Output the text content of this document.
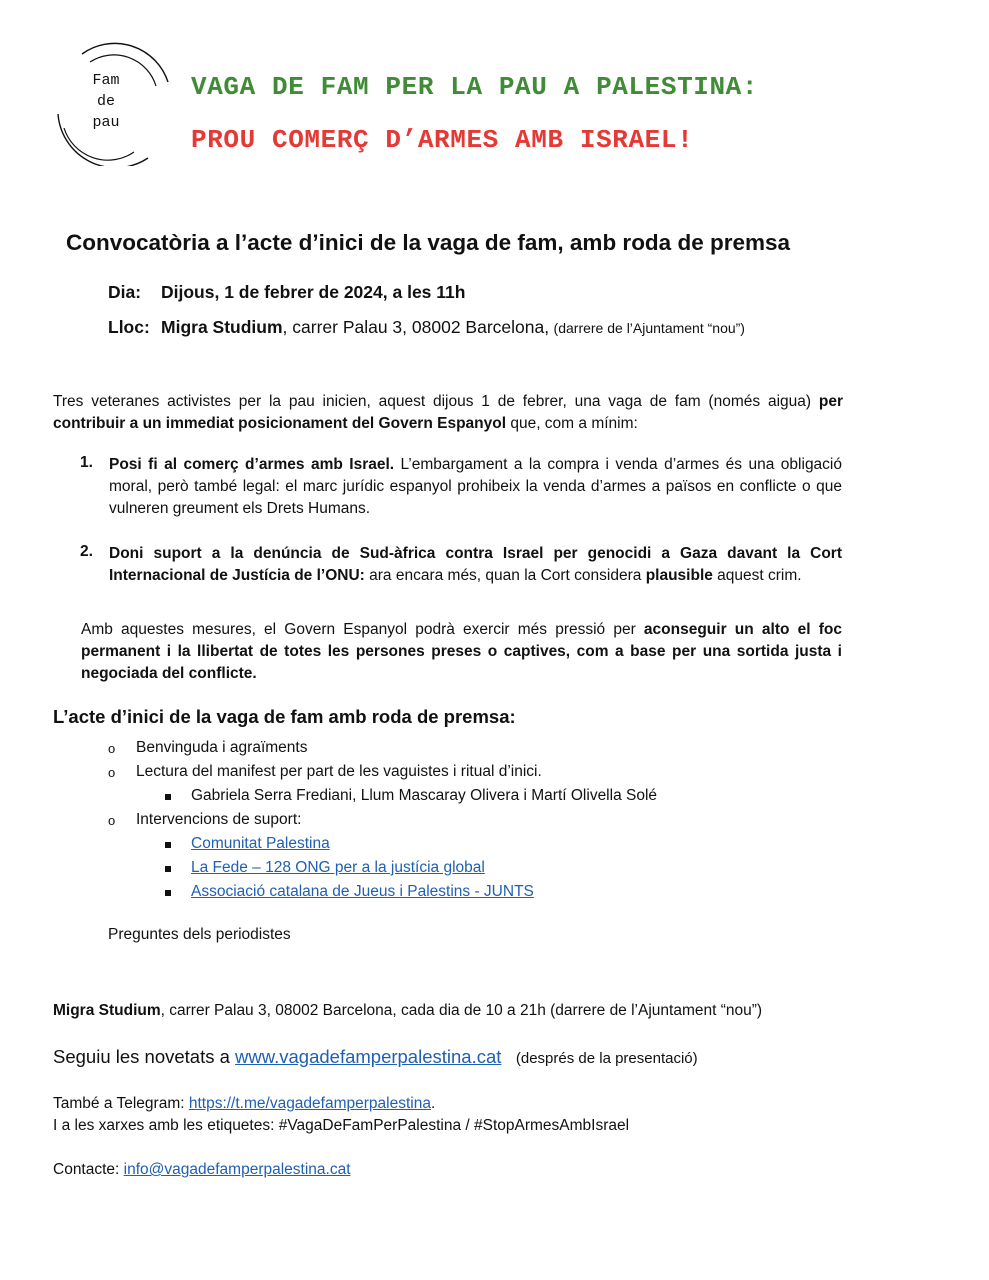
Fam
de
pau
VAGA DE FAM PER LA PAU A PALESTINA:
PROU COMERÇ D’ARMES AMB ISRAEL!
Convocatòria a l’acte d’inici de la vaga de fam, amb roda de premsa
Dia: Dijous, 1 de febrer de 2024, a les 11h
Lloc: Migra Studium, carrer Palau 3, 08002 Barcelona, (darrere de l’Ajuntament “nou”)
Tres veteranes activistes per la pau inicien, aquest dijous 1 de febrer, una vaga de fam (només aigua) per contribuir a un immediat posicionament del Govern Espanyol que, com a mínim:
1. Posi fi al comerç d’armes amb Israel. L’embargament a la compra i venda d’armes és una obligació moral, però també legal: el marc jurídic espanyol prohibeix la venda d’armes a països en conflicte o que vulneren greument els Drets Humans.

2. Doni suport a la denúncia de Sud-àfrica contra Israel per genocidi a Gaza davant la Cort Internacional de Justícia de l’ONU: ara encara més, quan la Cort considera plausible aquest crim.

Amb aquestes mesures, el Govern Espanyol podrà exercir més pressió per aconseguir un alto el foc permanent i la llibertat de totes les persones preses o captives, com a base per una sortida justa i negociada del conflicte.
L’acte d’inici de la vaga de fam amb roda de premsa:
o Benvinguda i agraïments
o Lectura del manifest per part de les vaguistes i ritual d’inici.
Gabriela Serra Frediani, Llum Mascaray Olivera i Martí Olivella Solé
o Intervencions de suport:
Comunitat Palestina
La Fede – 128 ONG per a la justícia global
Associació catalana de Jueus i Palestins - JUNTS
Preguntes dels periodistes
Migra Studium, carrer Palau 3, 08002 Barcelona, cada dia de 10 a 21h (darrere de l’Ajuntament “nou”)
Seguiu les novetats a www.vagadefamperpalestina.cat (després de la presentació)
També a Telegram: https://t.me/vagadefamperpalestina.
I a les xarxes amb les etiquetes: #VagaDeFamPerPalestina / #StopArmesAmbIsrael
Contacte: info@vagadefamperpalestina.cat
